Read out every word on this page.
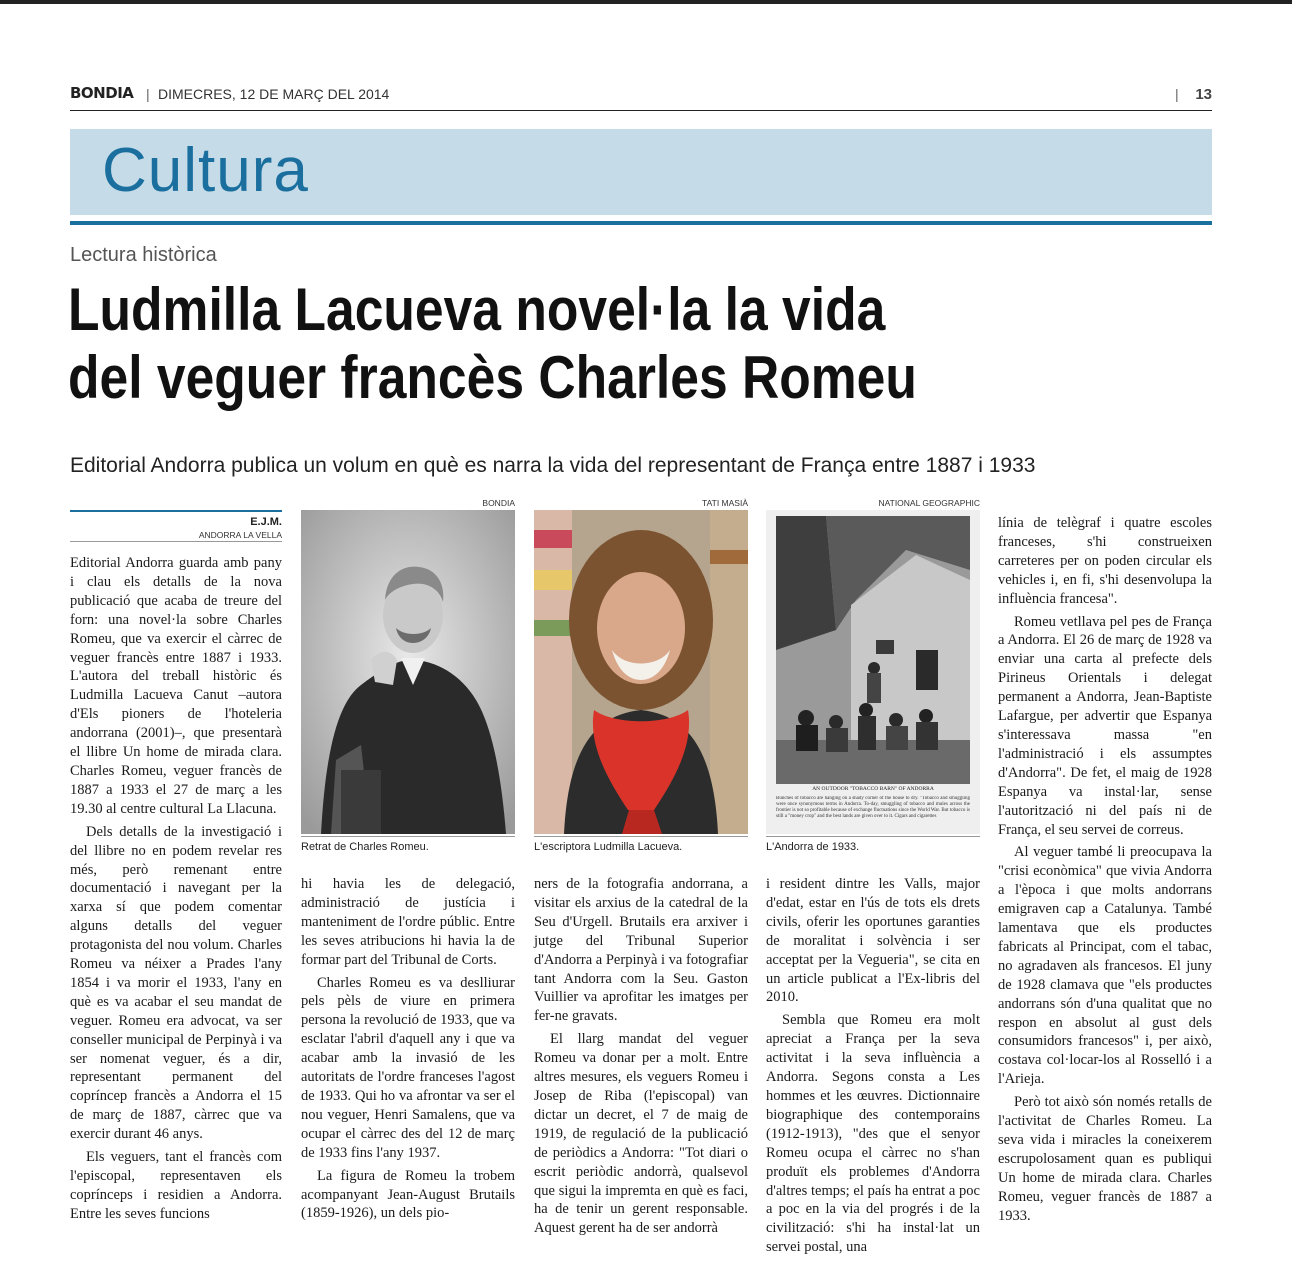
BONDIA | DIMECRES, 12 DE MARÇ DEL 2014	| 13
Cultura
Lectura històrica
Ludmilla Lacueva novel·la la vida
del veguer francès Charles Romeu
Editorial Andorra publica un volum en què es narra la vida del representant de França entre 1887 i 1933
E.J.M.
ANDORRA LA VELLA
BONDIA
Retrat de Charles Romeu.
TATI MASIÀ
L'escriptora Ludmilla Lacueva.
NATIONAL GEOGRAPHIC
AN OUTDOOR "TOBACCO BARN" OF ANDORRA
Bunches of tobacco are hanging on a shady corner of the house to dry. "Tobacco and smuggling were once synonymous terms in Andorra. To-day, smuggling of tobacco and mules across the frontier is not so profitable because of exchange fluctuations since the World War. But tobacco is still a "money crop" and the best lands are given over to it. Cigars and cigarettes
L'Andorra de 1933.

Editorial Andorra guarda amb pany i clau els detalls de la nova publicació que acaba de treure del forn: una novel·la sobre Charles Romeu, que va exercir el càrrec de veguer francès entre 1887 i 1933. L'autora del treball històric és Ludmilla Lacueva Canut –autora d'Els pioners de l'hoteleria andorrana (2001)–, que presentarà el llibre Un home de mirada clara. Charles Romeu, veguer francès de 1887 a 1933 el 27 de març a les 19.30 al centre cultural La Llacuna.

Dels detalls de la investigació i del llibre no en podem revelar res més, però remenant entre documentació i navegant per la xarxa sí que podem comentar alguns detalls del veguer protagonista del nou volum. Charles Romeu va néixer a Prades l'any 1854 i va morir el 1933, l'any en què es va acabar el seu mandat de veguer. Romeu era advocat, va ser conseller municipal de Perpinyà i va ser nomenat veguer, és a dir, representant permanent del copríncep francès a Andorra el 15 de març de 1887, càrrec que va exercir durant 46 anys.

Els veguers, tant el francès com l'episcopal, representaven els coprínceps i residien a Andorra. Entre les seves funcions

hi havia les de delegació, administració de justícia i manteniment de l'ordre públic. Entre les seves atribucions hi havia la de formar part del Tribunal de Corts.

Charles Romeu es va deslliurar pels pèls de viure en primera persona la revolució de 1933, que va esclatar l'abril d'aquell any i que va acabar amb la invasió de les autoritats de l'ordre franceses l'agost de 1933. Qui ho va afrontar va ser el nou veguer, Henri Samalens, que va ocupar el càrrec des del 12 de març de 1933 fins l'any 1937.

La figura de Romeu la trobem acompanyant Jean-August Brutails (1859-1926), un dels pio-

ners de la fotografia andorrana, a visitar els arxius de la catedral de la Seu d'Urgell. Brutails era arxiver i jutge del Tribunal Superior d'Andorra a Perpinyà i va fotografiar tant Andorra com la Seu. Gaston Vuillier va aprofitar les imatges per fer-ne gravats.

El llarg mandat del veguer Romeu va donar per a molt. Entre altres mesures, els veguers Romeu i Josep de Riba (l'episcopal) van dictar un decret, el 7 de maig de 1919, de regulació de la publicació de periòdics a Andorra: "Tot diari o escrit periòdic andorrà, qualsevol que sigui la impremta en què es faci, ha de tenir un gerent responsable. Aquest gerent ha de ser andorrà

i resident dintre les Valls, major d'edat, estar en l'ús de tots els drets civils, oferir les oportunes garanties de moralitat i solvència i ser acceptat per la Vegueria", se cita en un article publicat a l'Ex-libris del 2010.

Sembla que Romeu era molt apreciat a França per la seva activitat i la seva influència a Andorra. Segons consta a Les hommes et les œuvres. Dictionnaire biographique des contemporains (1912-1913), "des que el senyor Romeu ocupa el càrrec no s'han produït els problemes d'Andorra d'altres temps; el país ha entrat a poc a poc en la via del progrés i de la civilització: s'hi ha instal·lat un servei postal, una

línia de telègraf i quatre escoles franceses, s'hi construeixen carreteres per on poden circular els vehicles i, en fi, s'hi desenvolupa la influència francesa".

Romeu vetllava pel pes de França a Andorra. El 26 de març de 1928 va enviar una carta al prefecte dels Pirineus Orientals i delegat permanent a Andorra, Jean-Baptiste Lafargue, per advertir que Espanya s'interessava massa "en l'administració i els assumptes d'Andorra". De fet, el maig de 1928 Espanya va instal·lar, sense l'autorització ni del país ni de França, el seu servei de correus.

Al veguer també li preocupava la "crisi econòmica" que vivia Andorra a l'època i que molts andorrans emigraven cap a Catalunya. També lamentava que els productes fabricats al Principat, com el tabac, no agradaven als francesos. El juny de 1928 clamava que "els productes andorrans són d'una qualitat que no respon en absolut al gust dels consumidors francesos" i, per això, costava col·locar-los al Rosselló i a l'Arieja.

Però tot això són només retalls de l'activitat de Charles Romeu. La seva vida i miracles la coneixerem escrupolosament quan es publiqui Un home de mirada clara. Charles Romeu, veguer francès de 1887 a 1933.
